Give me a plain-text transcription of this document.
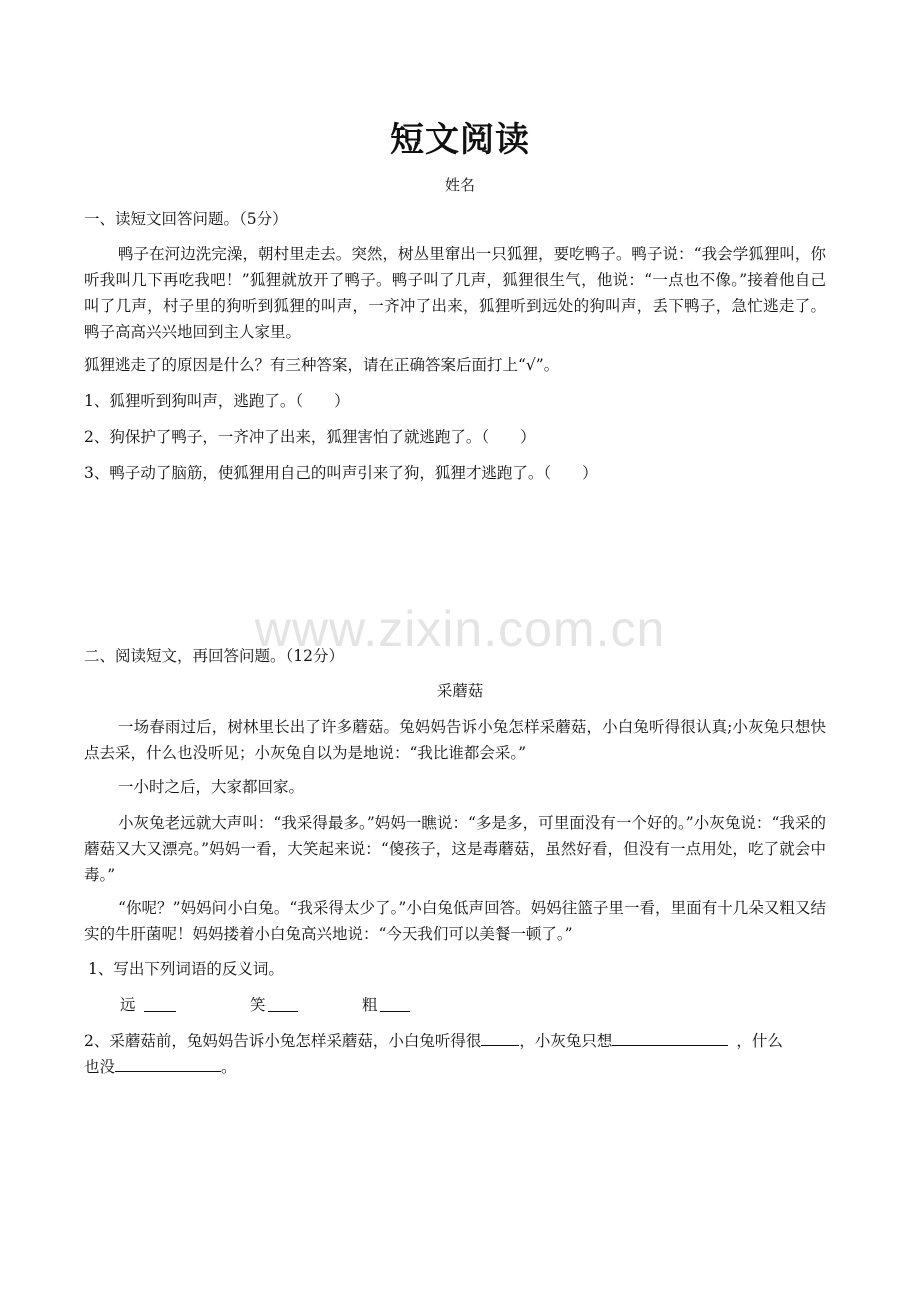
www.zixin.com.cn
短文阅读
姓名
一、读短文回答问题。（5分）
鸭子在河边洗完澡，朝村里走去。突然，树丛里窜出一只狐狸，要吃鸭子。鸭子说：“我会学狐狸叫，你听我叫几下再吃我吧！”狐狸就放开了鸭子。鸭子叫了几声，狐狸很生气，他说：“一点也不像。”接着他自己叫了几声，村子里的狗听到狐狸的叫声，一齐冲了出来，狐狸听到远处的狗叫声，丢下鸭子，急忙逃走了。鸭子高高兴兴地回到主人家里。
狐狸逃走了的原因是什么？有三种答案，请在正确答案后面打上“√”。
1、狐狸听到狗叫声，逃跑了。（　　）
2、狗保护了鸭子，一齐冲了出来，狐狸害怕了就逃跑了。（　　）
3、鸭子动了脑筋，使狐狸用自己的叫声引来了狗，狐狸才逃跑了。（　　）
二、阅读短文，再回答问题。（12分）
采蘑菇
一场春雨过后，树林里长出了许多蘑菇。兔妈妈告诉小兔怎样采蘑菇，小白兔听得很认真;小灰兔只想快点去采，什么也没听见；小灰兔自以为是地说：“我比谁都会采。”
一小时之后，大家都回家。
小灰兔老远就大声叫：“我采得最多。”妈妈一瞧说：“多是多，可里面没有一个好的。”小灰兔说：“我采的蘑菇又大又漂亮。”妈妈一看，大笑起来说：“傻孩子，这是毒蘑菇，虽然好看，但没有一点用处，吃了就会中毒。”
“你呢？”妈妈问小白兔。“我采得太少了。”小白兔低声回答。妈妈往篮子里一看，里面有十几朵又粗又结实的牛肝菌呢！妈妈搂着小白兔高兴地说：“今天我们可以美餐一顿了。”
1、写出下列词语的反义词。
远	笑	粗
2、采蘑菇前，兔妈妈告诉小兔怎样采蘑菇，小白兔听得很 ，小灰兔只想	，什么
也没	。
